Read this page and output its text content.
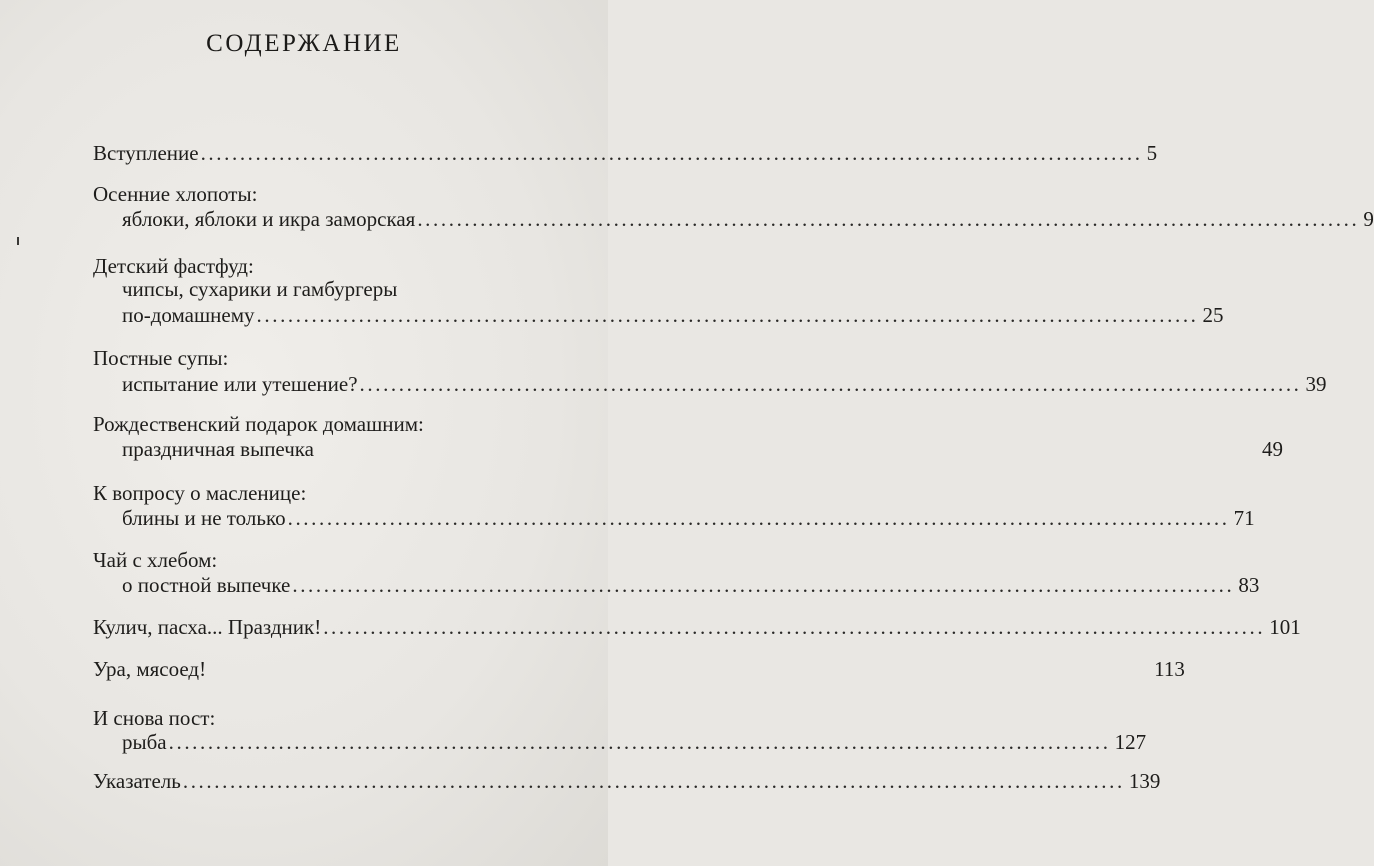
СОДЕРЖАНИЕ
Вступление ........................................................................................................................ 5
Осенние хлопоты:
яблоки, яблоки и икра заморская ........................................................................................................................ 9
Детский фастфуд:
чипсы, сухарики и гамбургеры
по-домашнему ........................................................................................................................ 25
Постные супы:
испытание или утешение? ........................................................................................................................ 39
Рождественский подарок домашним:
праздничная выпечка	49
К вопросу о масленице:
блины и не только ........................................................................................................................ 71
Чай с хлебом:
о постной выпечке ........................................................................................................................ 83
Кулич, пасха... Праздник! ........................................................................................................................ 101
Ура, мясоед!	113
И снова пост:
рыба ........................................................................................................................ 127
Указатель ........................................................................................................................ 139
